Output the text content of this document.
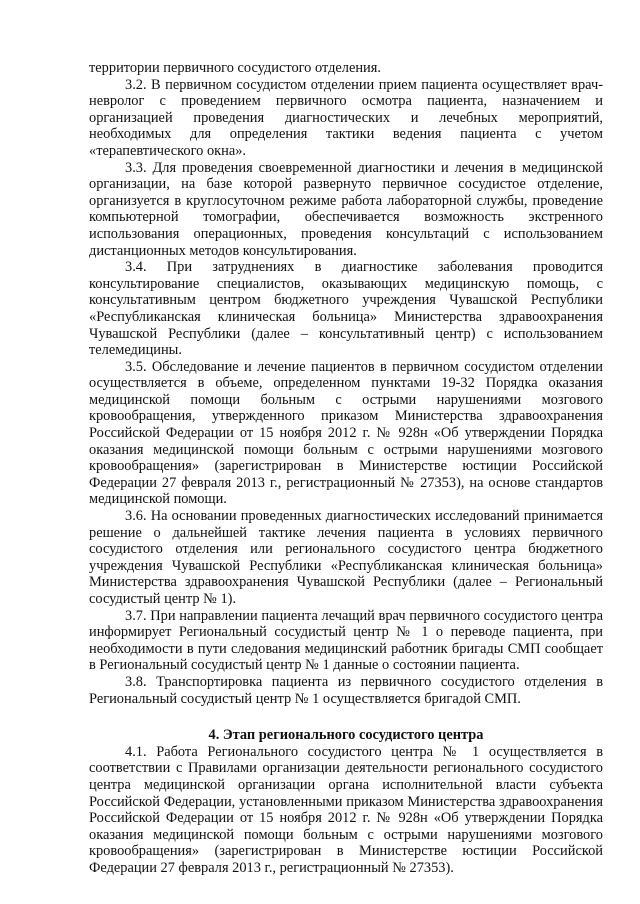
территории первичного сосудистого отделения.

3.2. В первичном сосудистом отделении прием пациента осуществляет врач-невролог с проведением первичного осмотра пациента, назначением и организацией проведения диагностических и лечебных мероприятий, необходимых для определения тактики ведения пациента с учетом «терапевтического окна».

3.3. Для проведения своевременной диагностики и лечения в медицинской организации, на базе которой развернуто первичное сосудистое отделение, организуется в круглосуточном режиме работа лабораторной службы, проведение компьютерной томографии, обеспечивается возможность экстренного использования операционных, проведения консультаций с использованием дистанционных методов консультирования.

3.4. При затруднениях в диагностике заболевания проводится консультирование специалистов, оказывающих медицинскую помощь, с консультативным центром бюджетного учреждения Чувашской Республики «Республиканская клиническая больница» Министерства здравоохранения Чувашской Республики (далее – консультативный центр) с использованием телемедицины.

3.5. Обследование и лечение пациентов в первичном сосудистом отделении осуществляется в объеме, определенном пунктами 19-32 Порядка оказания медицинской помощи больным с острыми нарушениями мозгового кровообращения, утвержденного приказом Министерства здравоохранения Российской Федерации от 15 ноября 2012 г. № 928н «Об утверждении Порядка оказания медицинской помощи больным с острыми нарушениями мозгового кровообращения» (зарегистрирован в Министерстве юстиции Российской Федерации 27 февраля 2013 г., регистрационный № 27353), на основе стандартов медицинской помощи.

3.6. На основании проведенных диагностических исследований принимается решение о дальнейшей тактике лечения пациента в условиях первичного сосудистого отделения или регионального сосудистого центра бюджетного учреждения Чувашской Республики «Республиканская клиническая больница» Министерства здравоохранения Чувашской Республики (далее – Региональный сосудистый центр № 1).

3.7. При направлении пациента лечащий врач первичного сосудистого центра информирует Региональный сосудистый центр № 1 о переводе пациента, при необходимости в пути следования медицинский работник бригады СМП сообщает в Региональный сосудистый центр № 1 данные о состоянии пациента.

3.8. Транспортировка пациента из первичного сосудистого отделения в Региональный сосудистый центр № 1 осуществляется бригадой СМП.

4. Этап регионального сосудистого центра

4.1. Работа Регионального сосудистого центра № 1 осуществляется в соответствии с Правилами организации деятельности регионального сосудистого центра медицинской организации органа исполнительной власти субъекта Российской Федерации, установленными приказом Министерства здравоохранения Российской Федерации от 15 ноября 2012 г. № 928н «Об утверждении Порядка оказания медицинской помощи больным с острыми нарушениями мозгового кровообращения» (зарегистрирован в Министерстве юстиции Российской Федерации 27 февраля 2013 г., регистрационный № 27353).
